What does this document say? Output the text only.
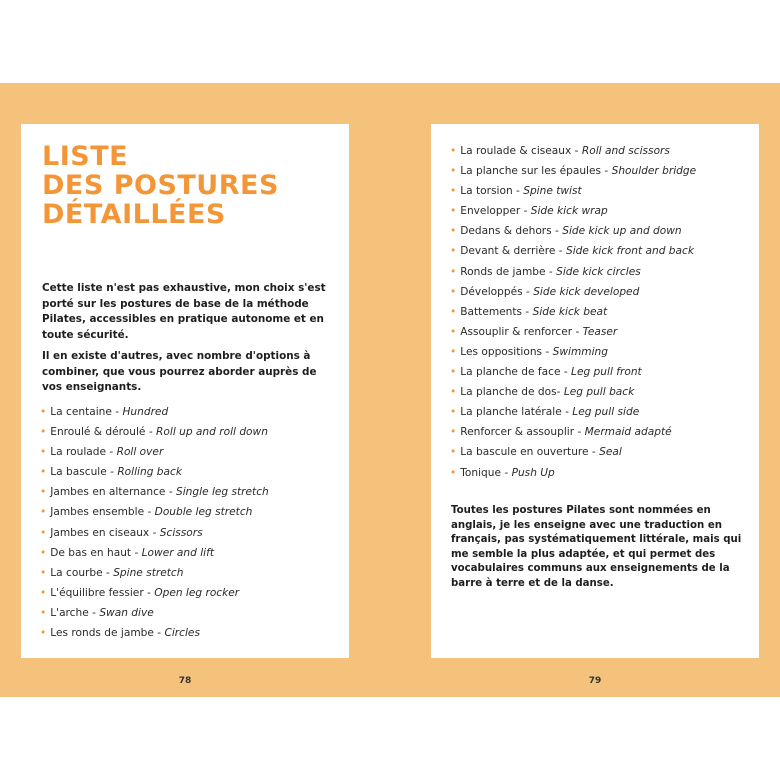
LISTE
DES POSTURES
DÉTAILLÉES

Cette liste n'est pas exhaustive, mon choix s'est porté sur les postures de base de la méthode Pilates, accessibles en pratique autonome et en toute sécurité.

Il en existe d'autres, avec nombre d'options à combiner, que vous pourrez aborder auprès de vos enseignants.

• La centaine - Hundred
• Enroulé & déroulé - Roll up and roll down
• La roulade - Roll over
• La bascule - Rolling back
• Jambes en alternance - Single leg stretch
• Jambes ensemble - Double leg stretch
• Jambes en ciseaux - Scissors
• De bas en haut - Lower and lift
• La courbe - Spine stretch
• L'équilibre fessier - Open leg rocker
• L'arche - Swan dive
• Les ronds de jambe - Circles
• La roulade & ciseaux - Roll and scissors
• La planche sur les épaules - Shoulder bridge
• La torsion - Spine twist
• Envelopper - Side kick wrap
• Dedans & dehors - Side kick up and down
• Devant & derrière - Side kick front and back
• Ronds de jambe - Side kick circles
• Développés - Side kick developed
• Battements - Side kick beat
• Assouplir & renforcer - Teaser
• Les oppositions - Swimming
• La planche de face - Leg pull front
• La planche de dos- Leg pull back
• La planche latérale - Leg pull side
• Renforcer & assouplir - Mermaid adapté
• La bascule en ouverture - Seal
• Tonique - Push Up

Toutes les postures Pilates sont nommées en anglais, je les enseigne avec une traduction en français, pas systématiquement littérale, mais qui me semble la plus adaptée, et qui permet des vocabulaires communs aux enseignements de la barre à terre et de la danse.

78	79
